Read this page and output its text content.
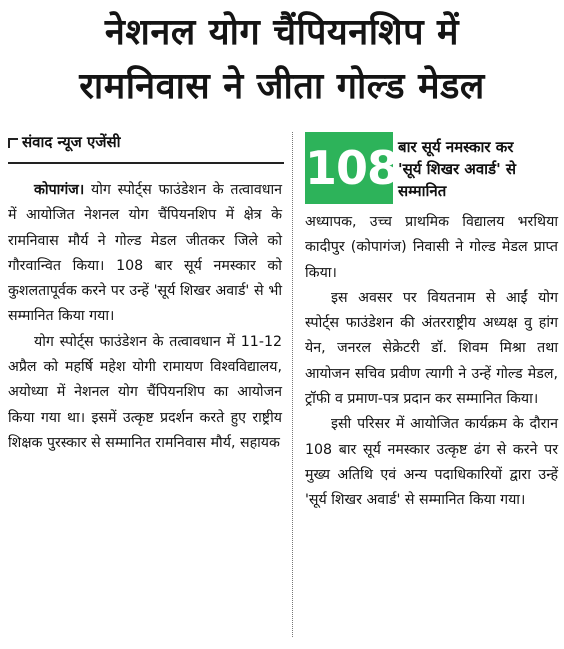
नेशनल योग चैंपियनशिप में
रामनिवास ने जीता गोल्ड मेडल
संवाद न्यूज एजेंसी

कोपागंज। योग स्पोर्ट्स फाउंडेशन के तत्वावधान में आयोजित नेशनल योग चैंपियनशिप में क्षेत्र के रामनिवास मौर्य ने गोल्ड मेडल जीतकर जिले को गौरवान्वित किया। 108 बार सूर्य नमस्कार को कुशलतापूर्वक करने पर उन्हें 'सूर्य शिखर अवार्ड' से भी सम्मानित किया गया।

योग स्पोर्ट्स फाउंडेशन के तत्वावधान में 11-12 अप्रैल को महर्षि महेश योगी रामायण विश्वविद्यालय, अयोध्या में नेशनल योग चैंपियनशिप का आयोजन किया गया था। इसमें उत्कृष्ट प्रदर्शन करते हुए राष्ट्रीय शिक्षक पुरस्कार से सम्मानित रामनिवास मौर्य, सहायक

108 बार सूर्य नमस्कार कर
'सूर्य शिखर अवार्ड' से
सम्मानित

अध्यापक, उच्च प्राथमिक विद्यालय भरथिया कादीपुर (कोपागंज) निवासी ने गोल्ड मेडल प्राप्त किया।

इस अवसर पर वियतनाम से आईं योग स्पोर्ट्स फाउंडेशन की अंतरराष्ट्रीय अध्यक्ष वु हांग येन, जनरल सेक्रेटरी डॉ. शिवम मिश्रा तथा आयोजन सचिव प्रवीण त्यागी ने उन्हें गोल्ड मेडल, ट्रॉफी व प्रमाण-पत्र प्रदान कर सम्मानित किया।

इसी परिसर में आयोजित कार्यक्रम के दौरान 108 बार सूर्य नमस्कार उत्कृष्ट ढंग से करने पर मुख्य अतिथि एवं अन्य पदाधिकारियों द्वारा उन्हें 'सूर्य शिखर अवार्ड' से सम्मानित किया गया।
